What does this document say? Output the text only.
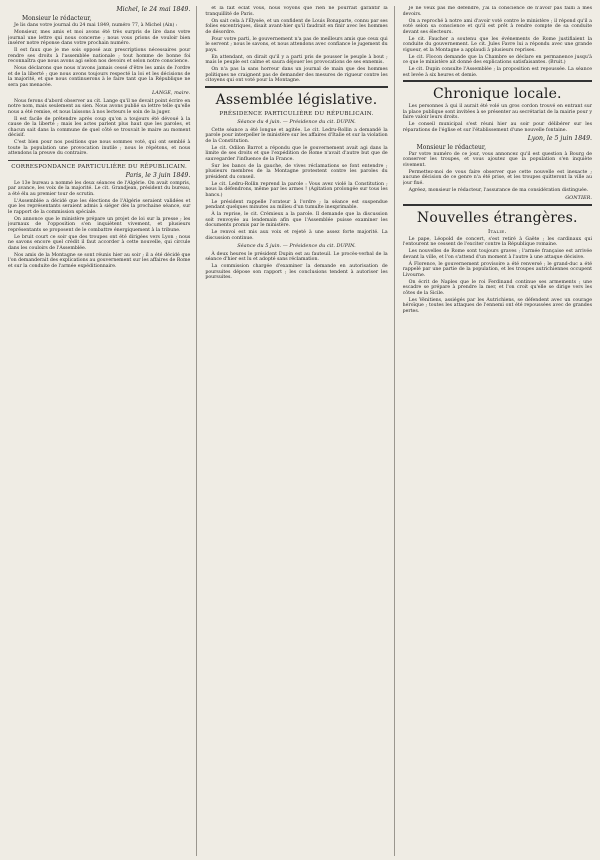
Michel, le 24 mai 1849.
Monsieur le rédacteur,

Je lis dans votre journal du 24 mai 1849, numéro 77, à Michel (Ain) :

Monsieur, mes amis et moi avons été très surpris de lire dans votre journal une lettre qui nous concerne ; nous vous prions de vouloir bien insérer notre réponse dans votre prochain numéro.

Il est faux que je me sois opposé aux prescriptions nécessaires pour rendre ses droits à l'assemblée nationale ; tout homme de bonne foi reconnaîtra que nous avons agi selon nos devoirs et selon notre conscience.

Nous déclarons que nous n'avons jamais cessé d'être les amis de l'ordre et de la liberté ; que nous avons toujours respecté la loi et les décisions de la majorité, et que nous continuerons à le faire tant que la République ne sera pas menacée.

LANGE, maire.

Nous ferons d'abord observer au cit. Lange qu'il ne devait point écrire en notre nom, mais seulement au sien. Nous avons publié sa lettre telle qu'elle nous a été remise, et nous laissons à nos lecteurs le soin de la juger.

Il est facile de prétendre après coup qu'on a toujours été dévoué à la cause de la liberté ; mais les actes parlent plus haut que les paroles, et chacun sait dans la commune de quel côté se trouvait le maire au moment décisif.

C'est bien pour nos positions que nous sommes voté, qui ont semblé à toute la population une provocation inutile ; nous le répétons, et nous attendons la preuve du contraire.

CORRESPONDANCE PARTICULIÈRE DU RÉPUBLICAIN.
Paris, le 3 juin 1849.

Le 13e bureau a nommé les deux séances de l'Algérie. On avait compris, par avance, les voix de la majorité. Le cit. Grandjean, président du bureau, a été élu au premier tour de scrutin.

L'Assemblée a décidé que les élections de l'Algérie seraient validées et que les représentants seraient admis à siéger dès la prochaine séance, sur le rapport de la commission spéciale.

On annonce que le ministère prépare un projet de loi sur la presse ; les journaux de l'opposition s'en inquiètent vivement, et plusieurs représentants se proposent de le combattre énergiquement à la tribune.

Le bruit court ce soir que des troupes ont été dirigées vers Lyon ; nous ne savons encore quel crédit il faut accorder à cette nouvelle, qui circule dans les couloirs de l'Assemblée.

Nos amis de la Montagne se sont réunis hier au soir ; il a été décidé que l'on demanderait des explications au gouvernement sur les affaires de Rome et sur la conduite de l'armée expéditionnaire.

et la fait éclat vous, nous voyons que rien ne pourrait garantir la tranquillité de Paris.

On sait cela à l'Élysée, et un confident de Louis Bonaparte, connu par ses folies excentriques, disait avant-hier qu'il faudrait en finir avec les hommes de désordre.

Pour votre parti, le gouvernement n'a pas de meilleurs amis que ceux qui le servent ; nous le savons, et nous attendons avec confiance le jugement du pays.

En attendant, on dirait qu'il y a parti pris de pousser le peuple à bout ; mais le peuple est calme et saura déjouer les provocations de ses ennemis.

On n'a pas la sans horreur dans un journal de main que des hommes politiques ne craignent pas de demander des mesures de rigueur contre les citoyens qui ont voté pour la Montagne.

Assemblée législative.
PRÉSIDENCE PARTICULIÈRE DU RÉPUBLICAIN.
Séance du 4 juin. — Présidence du cit. DUPIN.

Cette séance a été longue et agitée. Le cit. Ledru-Rollin a demandé la parole pour interpeller le ministère sur les affaires d'Italie et sur la violation de la Constitution.

Le cit. Odilon Barrot a répondu que le gouvernement avait agi dans la limite de ses droits et que l'expédition de Rome n'avait d'autre but que de sauvegarder l'influence de la France.

Sur les bancs de la gauche, de vives réclamations se font entendre ; plusieurs membres de la Montagne protestent contre les paroles du président du conseil.

Le cit. Ledru-Rollin reprend la parole : Vous avez violé la Constitution ; nous la défendrons, même par les armes ! (Agitation prolongée sur tous les bancs.)

Le président rappelle l'orateur à l'ordre ; la séance est suspendue pendant quelques minutes au milieu d'un tumulte inexprimable.

À la reprise, le cit. Crémieux a la parole. Il demande que la discussion soit renvoyée au lendemain afin que l'Assemblée puisse examiner les documents promis par le ministère.

Le renvoi est mis aux voix et rejeté à une assez forte majorité. La discussion continue.

Séance du 5 juin. — Présidence du cit. DUPIN.

À deux heures le président Dupin est au fauteuil. Le procès-verbal de la séance d'hier est lu et adopté sans réclamation.

La commission chargée d'examiner la demande en autorisation de poursuites dépose son rapport ; les conclusions tendent à autoriser les poursuites.

Je ne veux pas me défendre, j'ai la conscience de n'avoir pas failli à mes devoirs.

On a reproché à notre ami d'avoir voté contre le ministère ; il répond qu'il a voté selon sa conscience et qu'il est prêt à rendre compte de sa conduite devant ses électeurs.

Le cit. Faucher a soutenu que les événements de Rome justifiaient la conduite du gouvernement. Le cit. Jules Favre lui a répondu avec une grande vigueur, et la Montagne a applaudi à plusieurs reprises.

Le cit. Flocon demande que la Chambre se déclare en permanence jusqu'à ce que le ministère ait donné des explications satisfaisantes. (Bruit.)

Le cit. Dupin consulte l'Assemblée ; la proposition est repoussée. La séance est levée à six heures et demie.

Chronique locale.

Les personnes à qui il aurait été volé un gros cordon trouvé en entrant sur la place publique sont invitées à se présenter au secrétariat de la mairie pour y faire valoir leurs droits.

Le conseil municipal s'est réuni hier au soir pour délibérer sur les réparations de l'église et sur l'établissement d'une nouvelle fontaine.

Lyon, le 5 juin 1849.
Monsieur le rédacteur,

Par votre numéro de ce jour, vous annoncez qu'il est question à Bourg de conserver les troupes, et vous ajoutez que la population s'en inquiète vivement.

Permettez-moi de vous faire observer que cette nouvelle est inexacte ; aucune décision de ce genre n'a été prise, et les troupes quitteront la ville au jour fixé.

Agréez, monsieur le rédacteur, l'assurance de ma considération distinguée.

GONTIER.
Nouvelles étrangères.
Italie.

Le pape, Léopold de concert, s'est retiré à Gaëte ; les cardinaux qui l'entourent ne cessent de l'exciter contre la République romaine.

Les nouvelles de Rome sont toujours graves ; l'armée française est arrivée devant la ville, et l'on s'attend d'un moment à l'autre à une attaque décisive.

À Florence, le gouvernement provisoire a été renversé ; le grand-duc a été rappelé par une partie de la population, et les troupes autrichiennes occupent Livourne.

On écrit de Naples que le roi Ferdinand continue ses armements ; une escadre se prépare à prendre la mer, et l'on croit qu'elle se dirige vers les côtes de la Sicile.

Les Vénitiens, assiégés par les Autrichiens, se défendent avec un courage héroïque ; toutes les attaques de l'ennemi ont été repoussées avec de grandes pertes.
